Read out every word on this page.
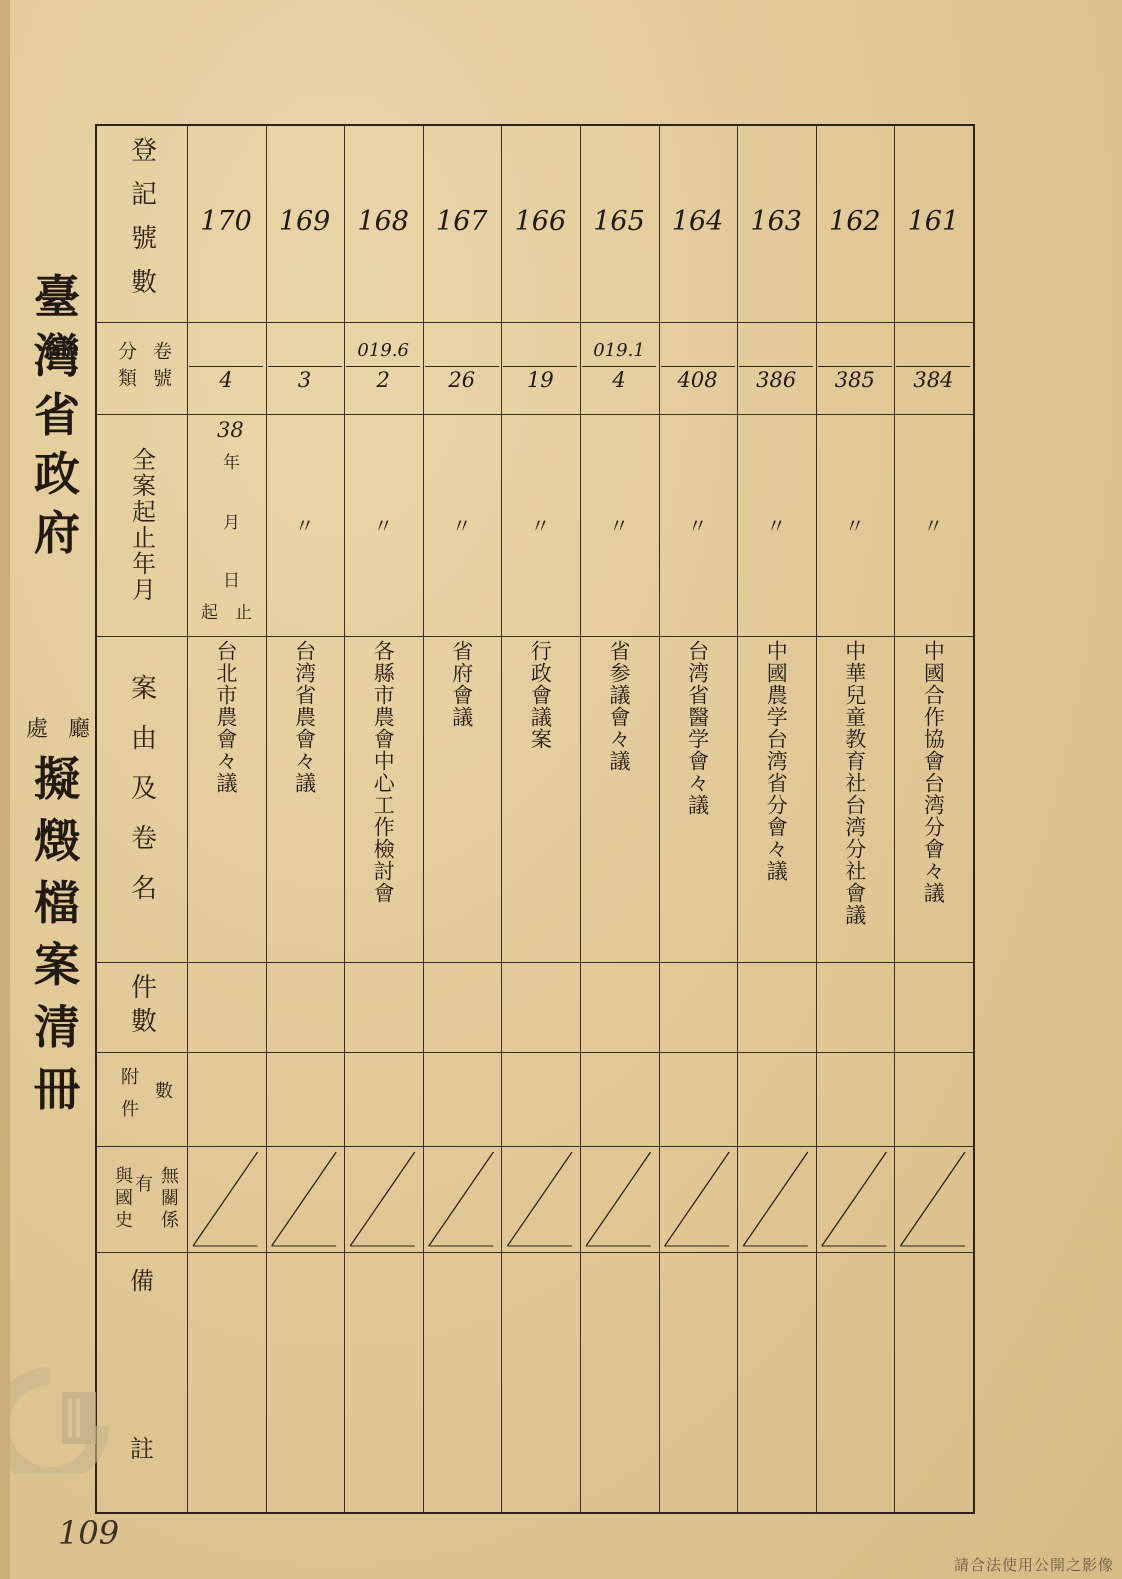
臺
灣
省
政
府
處 廳
擬
燬
檔
案
清
冊
登記號數
卷號
分類
全案起止年月
案由及卷名
件數
附件 數
無關係
有
與國史
備
註
170
4
台北市農會々議
169
3
〃
台湾省農會々議
168
019.6
2
〃
各縣市農會中心工作檢討會
167
26
〃
省府會議
166
19
〃
行政會議案
165
019.1
4
〃
省参議會々議
164
408
〃
台湾省醫学會々議
163
386
〃
中國農学台湾省分會々議
162
385
〃
中華兒童教育社台湾分社會議
161
384
〃
中國合作協會台湾分會々議
38
年
月
日
起 止
109
請合法使用公開之影像
